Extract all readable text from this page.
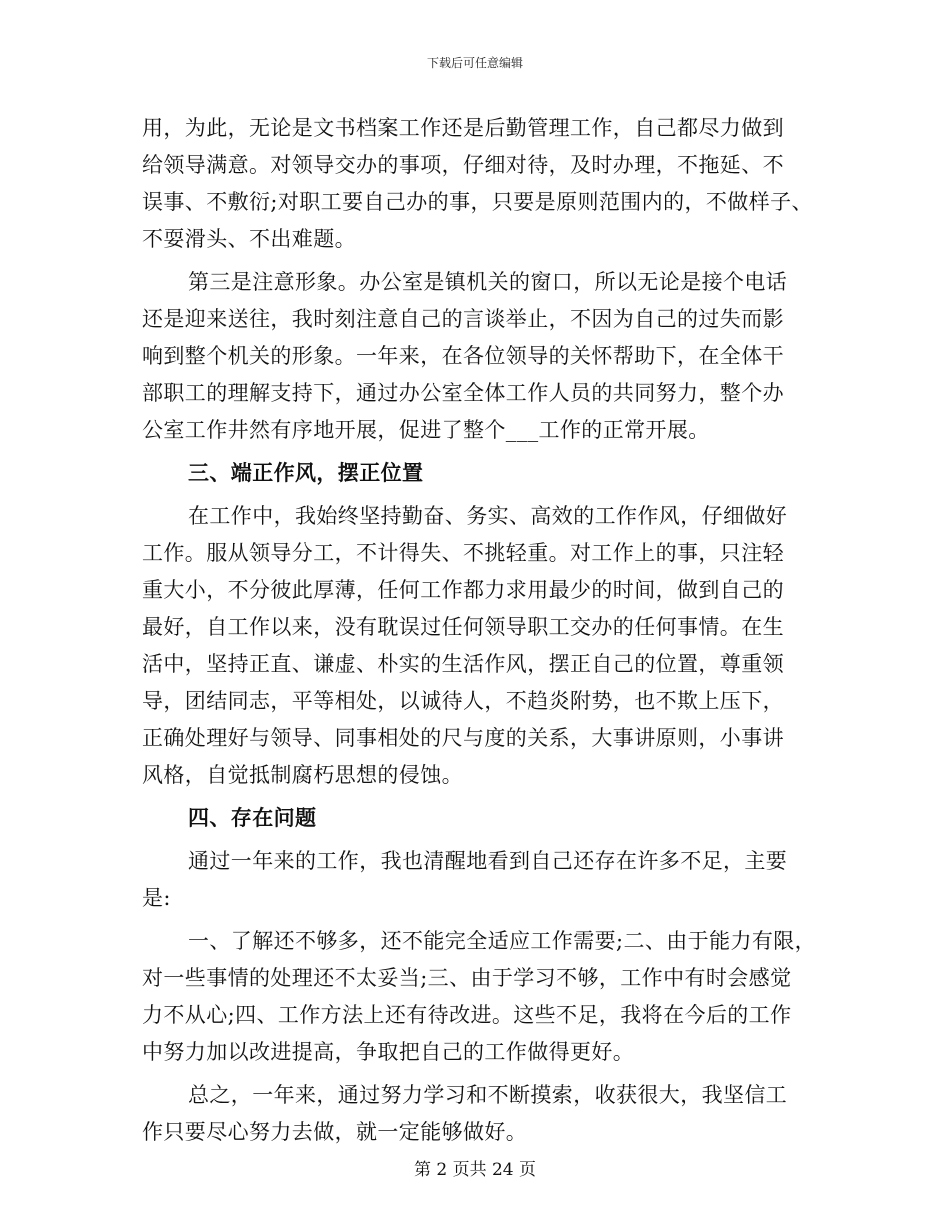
下载后可任意编辑
用，为此，无论是文书档案工作还是后勤管理工作，自己都尽力做到
给领导满意。对领导交办的事项，仔细对待，及时办理，不拖延、不
误事、不敷衍;对职工要自己办的事，只要是原则范围内的，不做样子、
不耍滑头、不出难题。
第三是注意形象。办公室是镇机关的窗口，所以无论是接个电话
还是迎来送往，我时刻注意自己的言谈举止，不因为自己的过失而影
响到整个机关的形象。一年来，在各位领导的关怀帮助下，在全体干
部职工的理解支持下，通过办公室全体工作人员的共同努力，整个办
公室工作井然有序地开展，促进了整个___工作的正常开展。
三、端正作风，摆正位置
在工作中，我始终坚持勤奋、务实、高效的工作作风，仔细做好
工作。服从领导分工，不计得失、不挑轻重。对工作上的事，只注轻
重大小，不分彼此厚薄，任何工作都力求用最少的时间，做到自己的
最好，自工作以来，没有耽误过任何领导职工交办的任何事情。在生
活中，坚持正直、谦虚、朴实的生活作风，摆正自己的位置，尊重领
导，团结同志，平等相处，以诚待人，不趋炎附势，也不欺上压下，
正确处理好与领导、同事相处的尺与度的关系，大事讲原则，小事讲
风格，自觉抵制腐朽思想的侵蚀。
四、存在问题
通过一年来的工作，我也清醒地看到自己还存在许多不足，主要
是:
一、了解还不够多，还不能完全适应工作需要;二、由于能力有限，
对一些事情的处理还不太妥当;三、由于学习不够，工作中有时会感觉
力不从心;四、工作方法上还有待改进。这些不足，我将在今后的工作
中努力加以改进提高，争取把自己的工作做得更好。
总之，一年来，通过努力学习和不断摸索，收获很大，我坚信工
作只要尽心努力去做，就一定能够做好。
第 2 页共 24 页
